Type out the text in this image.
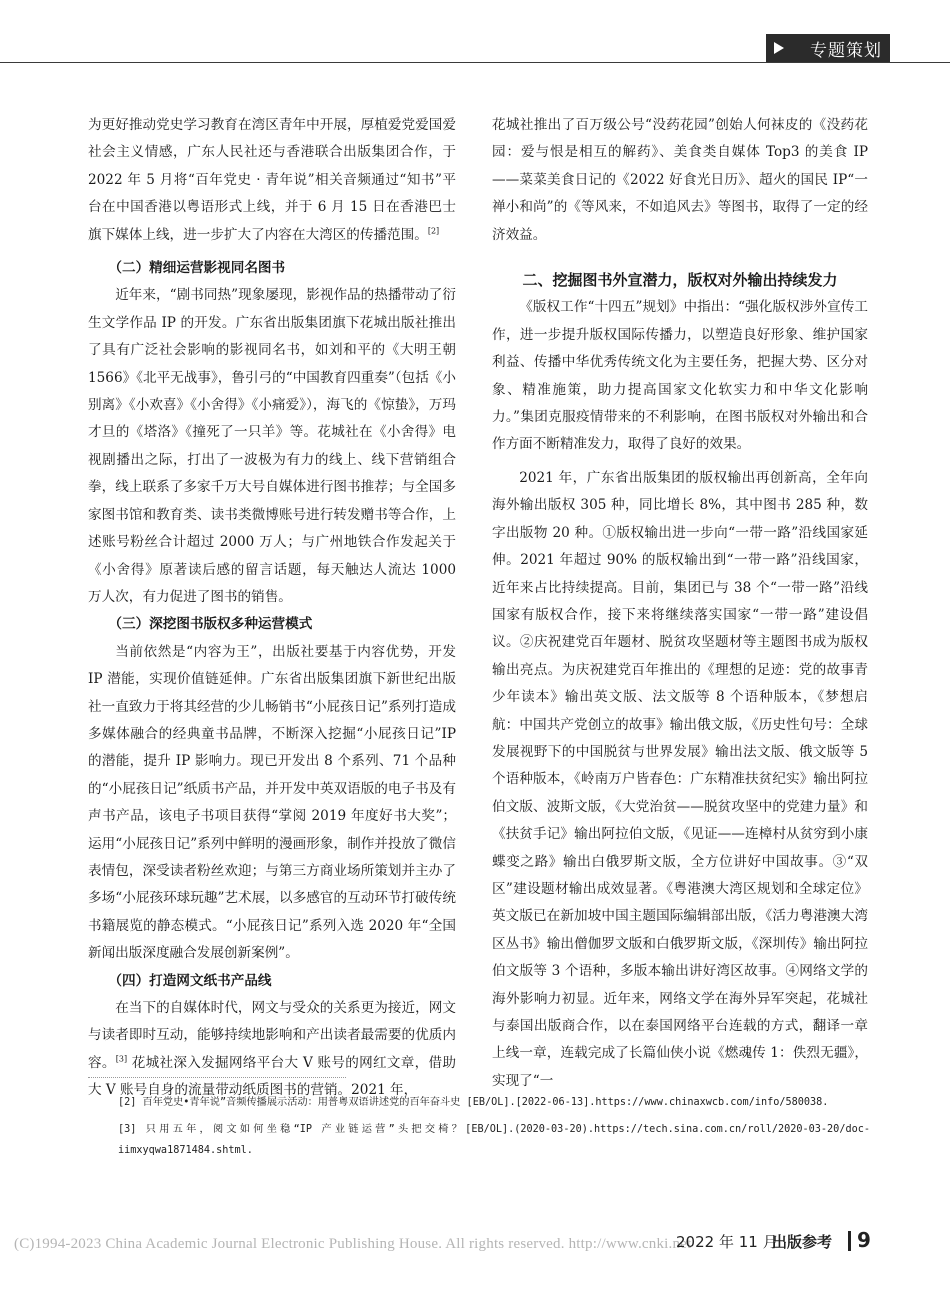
专题策划

为更好推动党史学习教育在湾区青年中开展，厚植爱党爱国爱社会主义情感，广东人民社还与香港联合出版集团合作，于 2022 年 5 月将“百年党史 · 青年说”相关音频通过“知书”平台在中国香港以粤语形式上线，并于 6 月 15 日在香港巴士旗下媒体上线，进一步扩大了内容在大湾区的传播范围。[2]

（二）精细运营影视同名图书

近年来，“剧书同热”现象屡现，影视作品的热播带动了衍生文学作品 IP 的开发。广东省出版集团旗下花城出版社推出了具有广泛社会影响的影视同名书，如刘和平的《大明王朝 1566》《北平无战事》，鲁引弓的“中国教育四重奏”（包括《小别离》《小欢喜》《小舍得》《小痛爱》），海飞的《惊蛰》，万玛才旦的《塔洛》《撞死了一只羊》等。花城社在《小舍得》电视剧播出之际，打出了一波极为有力的线上、线下营销组合拳，线上联系了多家千万大号自媒体进行图书推荐；与全国多家图书馆和教育类、读书类微博账号进行转发赠书等合作，上述账号粉丝合计超过 2000 万人；与广州地铁合作发起关于《小舍得》原著读后感的留言话题，每天触达人流达 1000 万人次，有力促进了图书的销售。

（三）深挖图书版权多种运营模式

当前依然是“内容为王”，出版社要基于内容优势，开发 IP 潜能，实现价值链延伸。广东省出版集团旗下新世纪出版社一直致力于将其经营的少儿畅销书“小屁孩日记”系列打造成多媒体融合的经典童书品牌，不断深入挖掘“小屁孩日记”IP 的潜能，提升 IP 影响力。现已开发出 8 个系列、71 个品种的“小屁孩日记”纸质书产品，并开发中英双语版的电子书及有声书产品，该电子书项目获得“掌阅 2019 年度好书大奖”；运用“小屁孩日记”系列中鲜明的漫画形象，制作并投放了微信表情包，深受读者粉丝欢迎；与第三方商业场所策划并主办了多场“小屁孩环球玩趣”艺术展，以多感官的互动环节打破传统书籍展览的静态模式。“小屁孩日记”系列入选 2020 年“全国新闻出版深度融合发展创新案例”。

（四）打造网文纸书产品线

在当下的自媒体时代，网文与受众的关系更为接近，网文与读者即时互动，能够持续地影响和产出读者最需要的优质内容。[3] 花城社深入发掘网络平台大 V 账号的网红文章，借助大 V 账号自身的流量带动纸质图书的营销。2021 年，

花城社推出了百万级公号“没药花园”创始人何袜皮的《没药花园：爱与恨是相互的解药》、美食类自媒体 Top3 的美食 IP——菜菜美食日记的《2022 好食光日历》、超火的国民 IP“一禅小和尚”的《等风来，不如追风去》等图书，取得了一定的经济效益。

二、挖掘图书外宣潜力，版权对外输出持续发力

《版权工作“十四五”规划》中指出：“强化版权涉外宣传工作，进一步提升版权国际传播力，以塑造良好形象、维护国家利益、传播中华优秀传统文化为主要任务，把握大势、区分对象、精准施策，助力提高国家文化软实力和中华文化影响力。”集团克服疫情带来的不利影响，在图书版权对外输出和合作方面不断精准发力，取得了良好的效果。

2021 年，广东省出版集团的版权输出再创新高，全年向海外输出版权 305 种，同比增长 8%，其中图书 285 种，数字出版物 20 种。①版权输出进一步向“一带一路”沿线国家延伸。2021 年超过 90% 的版权输出到“一带一路”沿线国家，近年来占比持续提高。目前，集团已与 38 个“一带一路”沿线国家有版权合作，接下来将继续落实国家“一带一路”建设倡议。②庆祝建党百年题材、脱贫攻坚题材等主题图书成为版权输出亮点。为庆祝建党百年推出的《理想的足迹：党的故事青少年读本》输出英文版、法文版等 8 个语种版本，《梦想启航：中国共产党创立的故事》输出俄文版，《历史性句号：全球发展视野下的中国脱贫与世界发展》输出法文版、俄文版等 5 个语种版本，《岭南万户皆春色：广东精准扶贫纪实》输出阿拉伯文版、波斯文版，《大党治贫——脱贫攻坚中的党建力量》和《扶贫手记》输出阿拉伯文版，《见证——连樟村从贫穷到小康蝶变之路》输出白俄罗斯文版，全方位讲好中国故事。③“双区”建设题材输出成效显著。《粤港澳大湾区规划和全球定位》英文版已在新加坡中国主题国际编辑部出版，《活力粤港澳大湾区丛书》输出僧伽罗文版和白俄罗斯文版，《深圳传》输出阿拉伯文版等 3 个语种，多版本输出讲好湾区故事。④网络文学的海外影响力初显。近年来，网络文学在海外异军突起，花城社与泰国出版商合作，以在泰国网络平台连载的方式，翻译一章上线一章，连载完成了长篇仙侠小说《燃魂传 1：佚烈无疆》，实现了“一

[2] 百年党史•青年说”音频传播展示活动：用普粤双语讲述党的百年奋斗史 [EB/OL].[2022-06-13].https://www.chinaxwcb.com/info/580038.

[3] 只用五年，阅文如何坐稳“IP 产业链运营”头把交椅？[EB/OL].(2020-03-20).https://tech.sina.com.cn/roll/2020-03-20/doc-iimxyqwa1871484.shtml.

(C)1994-2023 China Academic Journal Electronic Publishing House. All rights reserved. http://www.cnki.net
2022 年 11 月
出版参考 9
